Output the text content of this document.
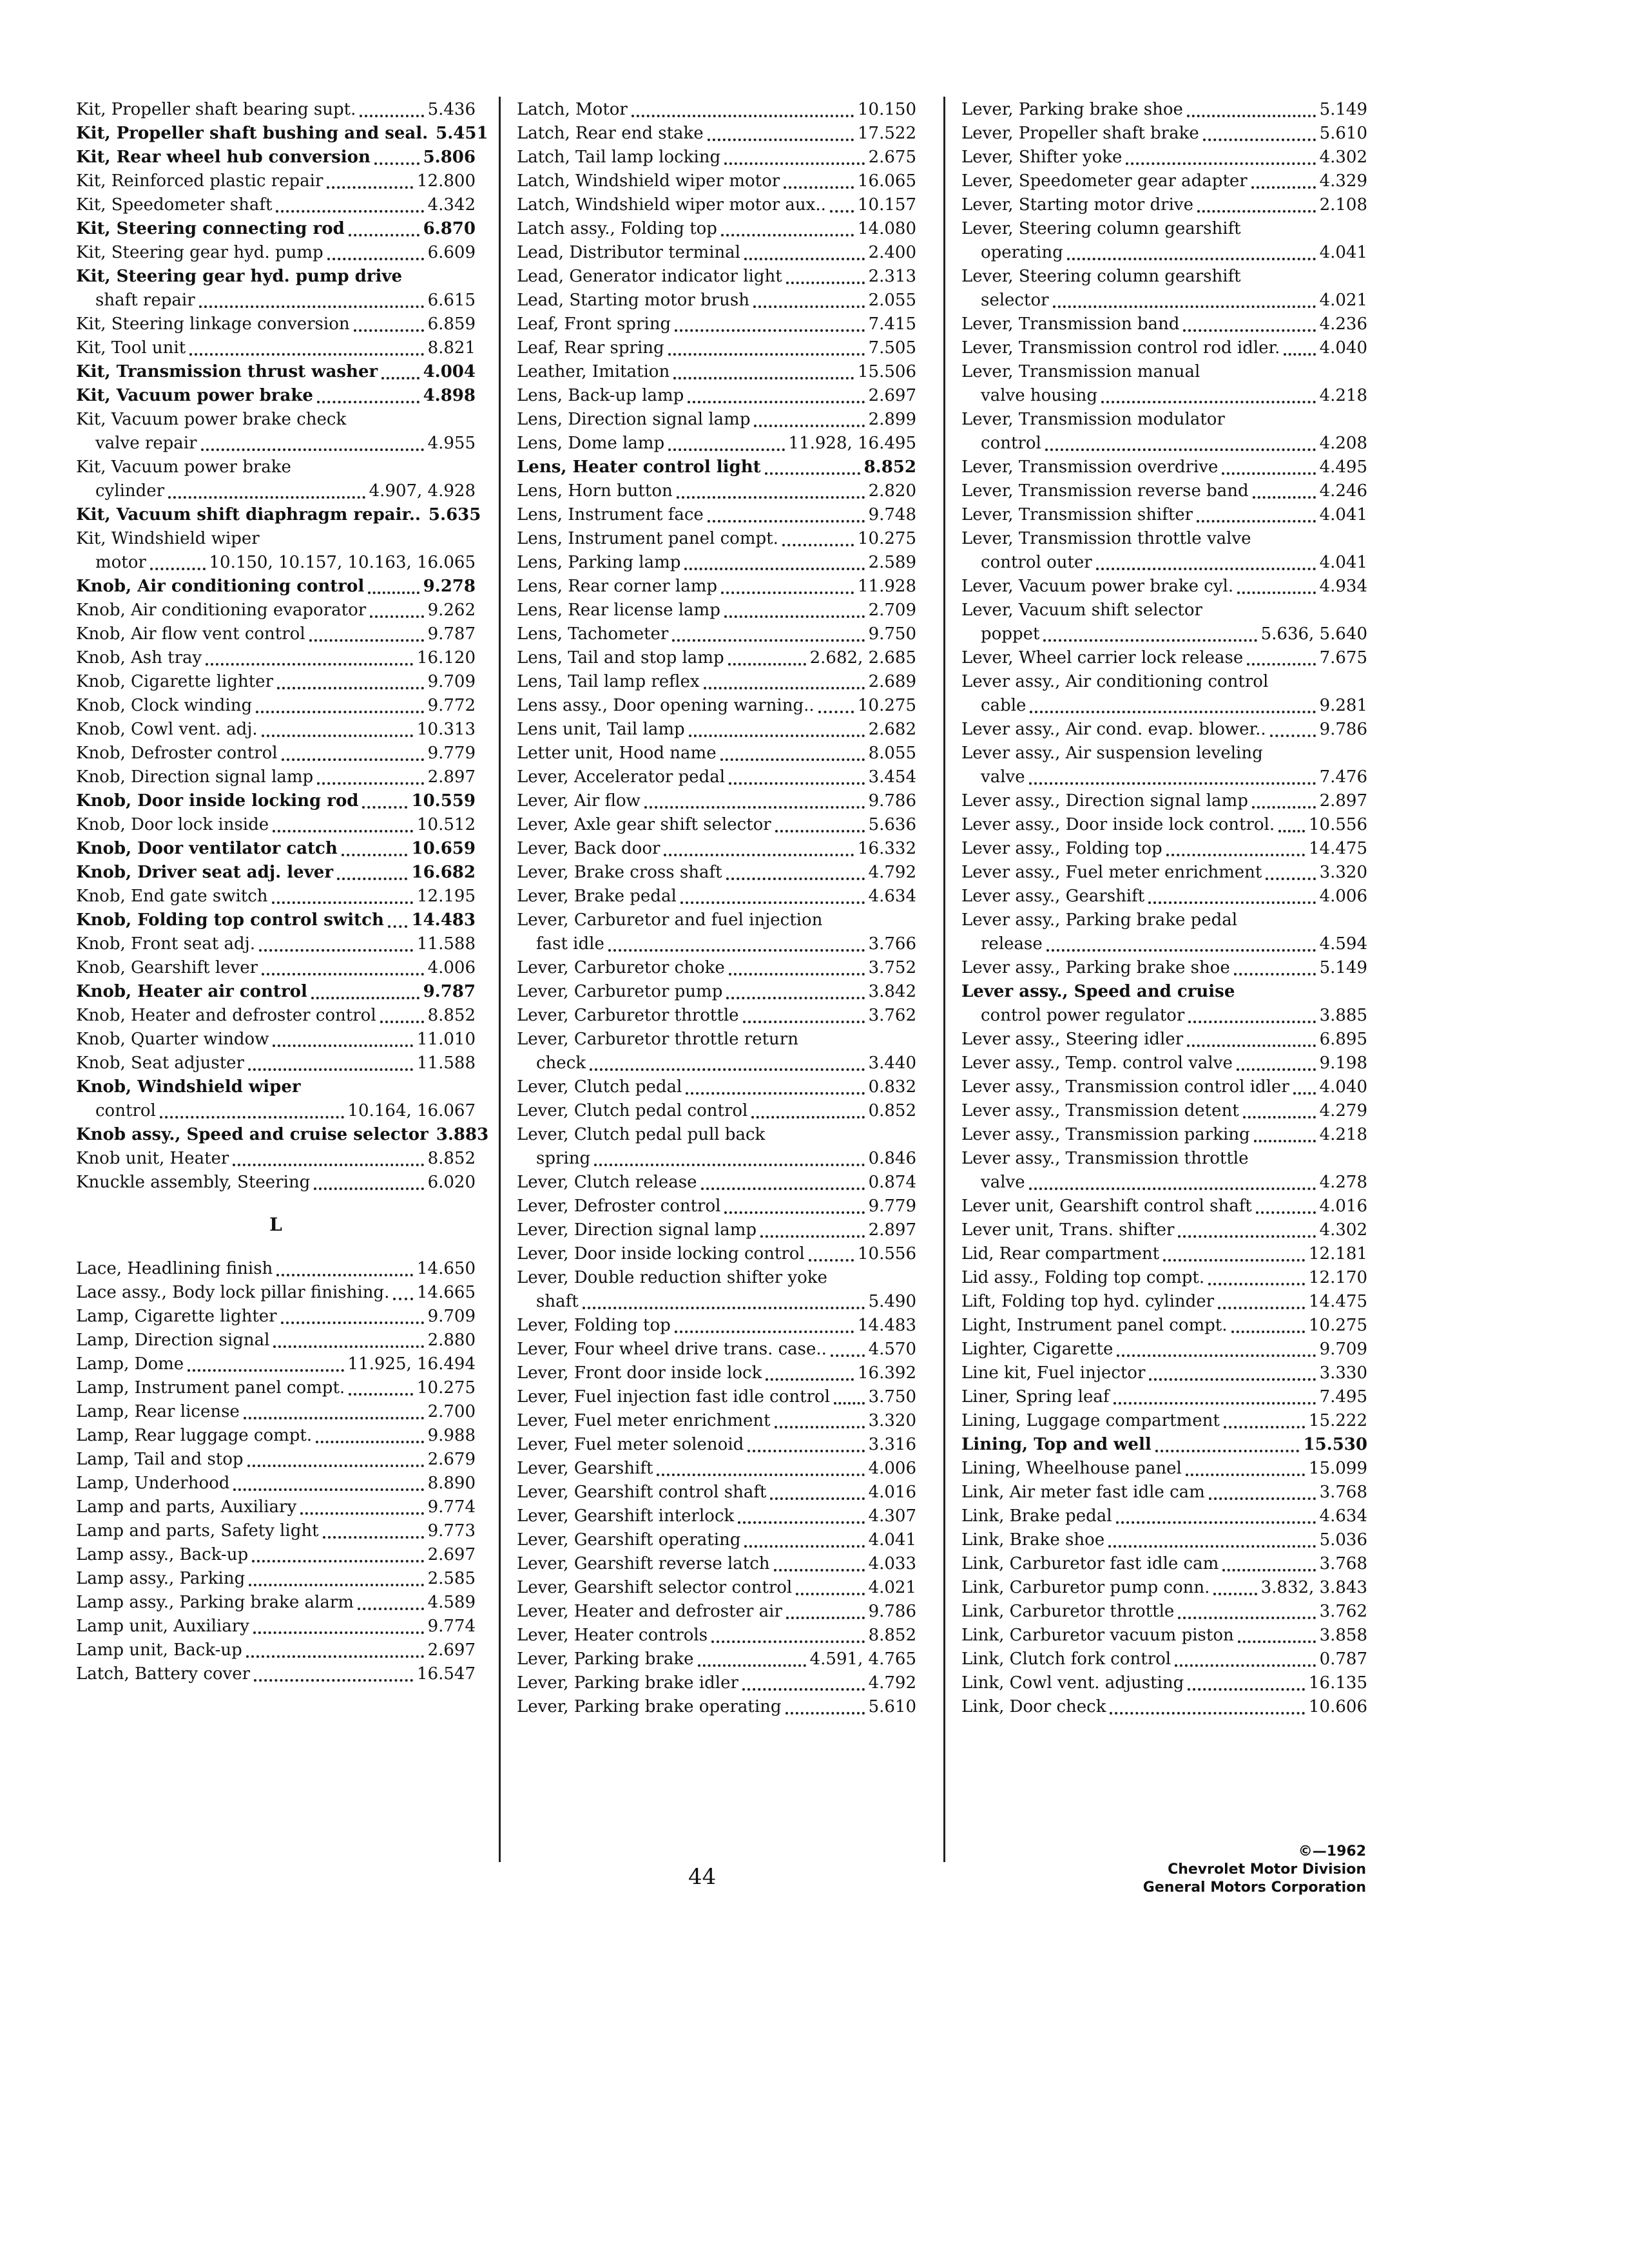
Kit, Propeller shaft bearing supt.	5.436
Kit, Propeller shaft bushing and seal. 5.451
Kit, Rear wheel hub conversion	5.806
Kit, Reinforced plastic repair	12.800
Kit, Speedometer shaft	4.342
Kit, Steering connecting rod	6.870
Kit, Steering gear hyd. pump	6.609
Kit, Steering gear hyd. pump drive
shaft repair	6.615
Kit, Steering linkage conversion	6.859
Kit, Tool unit	8.821
Kit, Transmission thrust washer	4.004
Kit, Vacuum power brake	4.898
Kit, Vacuum power brake check
valve repair	4.955
Kit, Vacuum power brake
cylinder	4.907, 4.928
Kit, Vacuum shift diaphragm repair.. 5.635
Kit, Windshield wiper
motor	10.150, 10.157, 10.163, 16.065
Knob, Air conditioning control	9.278
Knob, Air conditioning evaporator	9.262
Knob, Air flow vent control	9.787
Knob, Ash tray	16.120
Knob, Cigarette lighter	9.709
Knob, Clock winding	9.772
Knob, Cowl vent. adj.	10.313
Knob, Defroster control	9.779
Knob, Direction signal lamp	2.897
Knob, Door inside locking rod	10.559
Knob, Door lock inside	10.512
Knob, Door ventilator catch	10.659
Knob, Driver seat adj. lever	16.682
Knob, End gate switch	12.195
Knob, Folding top control switch 14.483
Knob, Front seat adj.	11.588
Knob, Gearshift lever	4.006
Knob, Heater air control	9.787
Knob, Heater and defroster control	8.852
Knob, Quarter window	11.010
Knob, Seat adjuster	11.588
Knob, Windshield wiper
control	10.164, 16.067
Knob assy., Speed and cruise selector 3.883
Knob unit, Heater	8.852
Knuckle assembly, Steering	6.020
L
Lace, Headlining finish	14.650
Lace assy., Body lock pillar finishing. 14.665
Lamp, Cigarette lighter	9.709
Lamp, Direction signal	2.880
Lamp, Dome	11.925, 16.494
Lamp, Instrument panel compt.	10.275
Lamp, Rear license	2.700
Lamp, Rear luggage compt.	9.988
Lamp, Tail and stop	2.679
Lamp, Underhood	8.890
Lamp and parts, Auxiliary	9.774
Lamp and parts, Safety light	9.773
Lamp assy., Back-up	2.697
Lamp assy., Parking	2.585
Lamp assy., Parking brake alarm	4.589
Lamp unit, Auxiliary	9.774
Lamp unit, Back-up	2.697
Latch, Battery cover	16.547
Latch, Motor	10.150
Latch, Rear end stake	17.522
Latch, Tail lamp locking	2.675
Latch, Windshield wiper motor	16.065
Latch, Windshield wiper motor aux.. 10.157
Latch assy., Folding top	14.080
Lead, Distributor terminal	2.400
Lead, Generator indicator light	2.313
Lead, Starting motor brush	2.055
Leaf, Front spring	7.415
Leaf, Rear spring	7.505
Leather, Imitation	15.506
Lens, Back-up lamp	2.697
Lens, Direction signal lamp	2.899
Lens, Dome lamp	11.928, 16.495
Lens, Heater control light	8.852
Lens, Horn button	2.820
Lens, Instrument face	9.748
Lens, Instrument panel compt.	10.275
Lens, Parking lamp	2.589
Lens, Rear corner lamp	11.928
Lens, Rear license lamp	2.709
Lens, Tachometer	9.750
Lens, Tail and stop lamp	2.682, 2.685
Lens, Tail lamp reflex	2.689
Lens assy., Door opening warning..	10.275
Lens unit, Tail lamp	2.682
Letter unit, Hood name	8.055
Lever, Accelerator pedal	3.454
Lever, Air flow	9.786
Lever, Axle gear shift selector	5.636
Lever, Back door	16.332
Lever, Brake cross shaft	4.792
Lever, Brake pedal	4.634
Lever, Carburetor and fuel injection
fast idle	3.766
Lever, Carburetor choke	3.752
Lever, Carburetor pump	3.842
Lever, Carburetor throttle	3.762
Lever, Carburetor throttle return
check	3.440
Lever, Clutch pedal	0.832
Lever, Clutch pedal control	0.852
Lever, Clutch pedal pull back
spring	0.846
Lever, Clutch release	0.874
Lever, Defroster control	9.779
Lever, Direction signal lamp	2.897
Lever, Door inside locking control	10.556
Lever, Double reduction shifter yoke
shaft	5.490
Lever, Folding top	14.483
Lever, Four wheel drive trans. case.. 4.570
Lever, Front door inside lock	16.392
Lever, Fuel injection fast idle control 3.750
Lever, Fuel meter enrichment	3.320
Lever, Fuel meter solenoid	3.316
Lever, Gearshift	4.006
Lever, Gearshift control shaft	4.016
Lever, Gearshift interlock	4.307
Lever, Gearshift operating	4.041
Lever, Gearshift reverse latch	4.033
Lever, Gearshift selector control	4.021
Lever, Heater and defroster air	9.786
Lever, Heater controls	8.852
Lever, Parking brake	4.591, 4.765
Lever, Parking brake idler	4.792
Lever, Parking brake operating	5.610
Lever, Parking brake shoe	5.149
Lever, Propeller shaft brake	5.610
Lever, Shifter yoke	4.302
Lever, Speedometer gear adapter	4.329
Lever, Starting motor drive	2.108
Lever, Steering column gearshift
operating	4.041
Lever, Steering column gearshift
selector	4.021
Lever, Transmission band	4.236
Lever, Transmission control rod idler. 4.040
Lever, Transmission manual
valve housing	4.218
Lever, Transmission modulator
control	4.208
Lever, Transmission overdrive	4.495
Lever, Transmission reverse band	4.246
Lever, Transmission shifter	4.041
Lever, Transmission throttle valve
control outer	4.041
Lever, Vacuum power brake cyl.	4.934
Lever, Vacuum shift selector
poppet	5.636, 5.640
Lever, Wheel carrier lock release	7.675
Lever assy., Air conditioning control
cable	9.281
Lever assy., Air cond. evap. blower..	9.786
Lever assy., Air suspension leveling
valve	7.476
Lever assy., Direction signal lamp	2.897
Lever assy., Door inside lock control. 10.556
Lever assy., Folding top	14.475
Lever assy., Fuel meter enrichment	3.320
Lever assy., Gearshift	4.006
Lever assy., Parking brake pedal
release	4.594
Lever assy., Parking brake shoe	5.149
Lever assy., Speed and cruise
control power regulator	3.885
Lever assy., Steering idler	6.895
Lever assy., Temp. control valve	9.198
Lever assy., Transmission control idler 4.040
Lever assy., Transmission detent	4.279
Lever assy., Transmission parking	4.218
Lever assy., Transmission throttle
valve	4.278
Lever unit, Gearshift control shaft	4.016
Lever unit, Trans. shifter	4.302
Lid, Rear compartment	12.181
Lid assy., Folding top compt.	12.170
Lift, Folding top hyd. cylinder	14.475
Light, Instrument panel compt.	10.275
Lighter, Cigarette	9.709
Line kit, Fuel injector	3.330
Liner, Spring leaf	7.495
Lining, Luggage compartment	15.222
Lining, Top and well	15.530
Lining, Wheelhouse panel	15.099
Link, Air meter fast idle cam	3.768
Link, Brake pedal	4.634
Link, Brake shoe	5.036
Link, Carburetor fast idle cam	3.768
Link, Carburetor pump conn.	3.832, 3.843
Link, Carburetor throttle	3.762
Link, Carburetor vacuum piston	3.858
Link, Clutch fork control	0.787
Link, Cowl vent. adjusting	16.135
Link, Door check	10.606
44
©—1962
Chevrolet Motor Division
General Motors Corporation
